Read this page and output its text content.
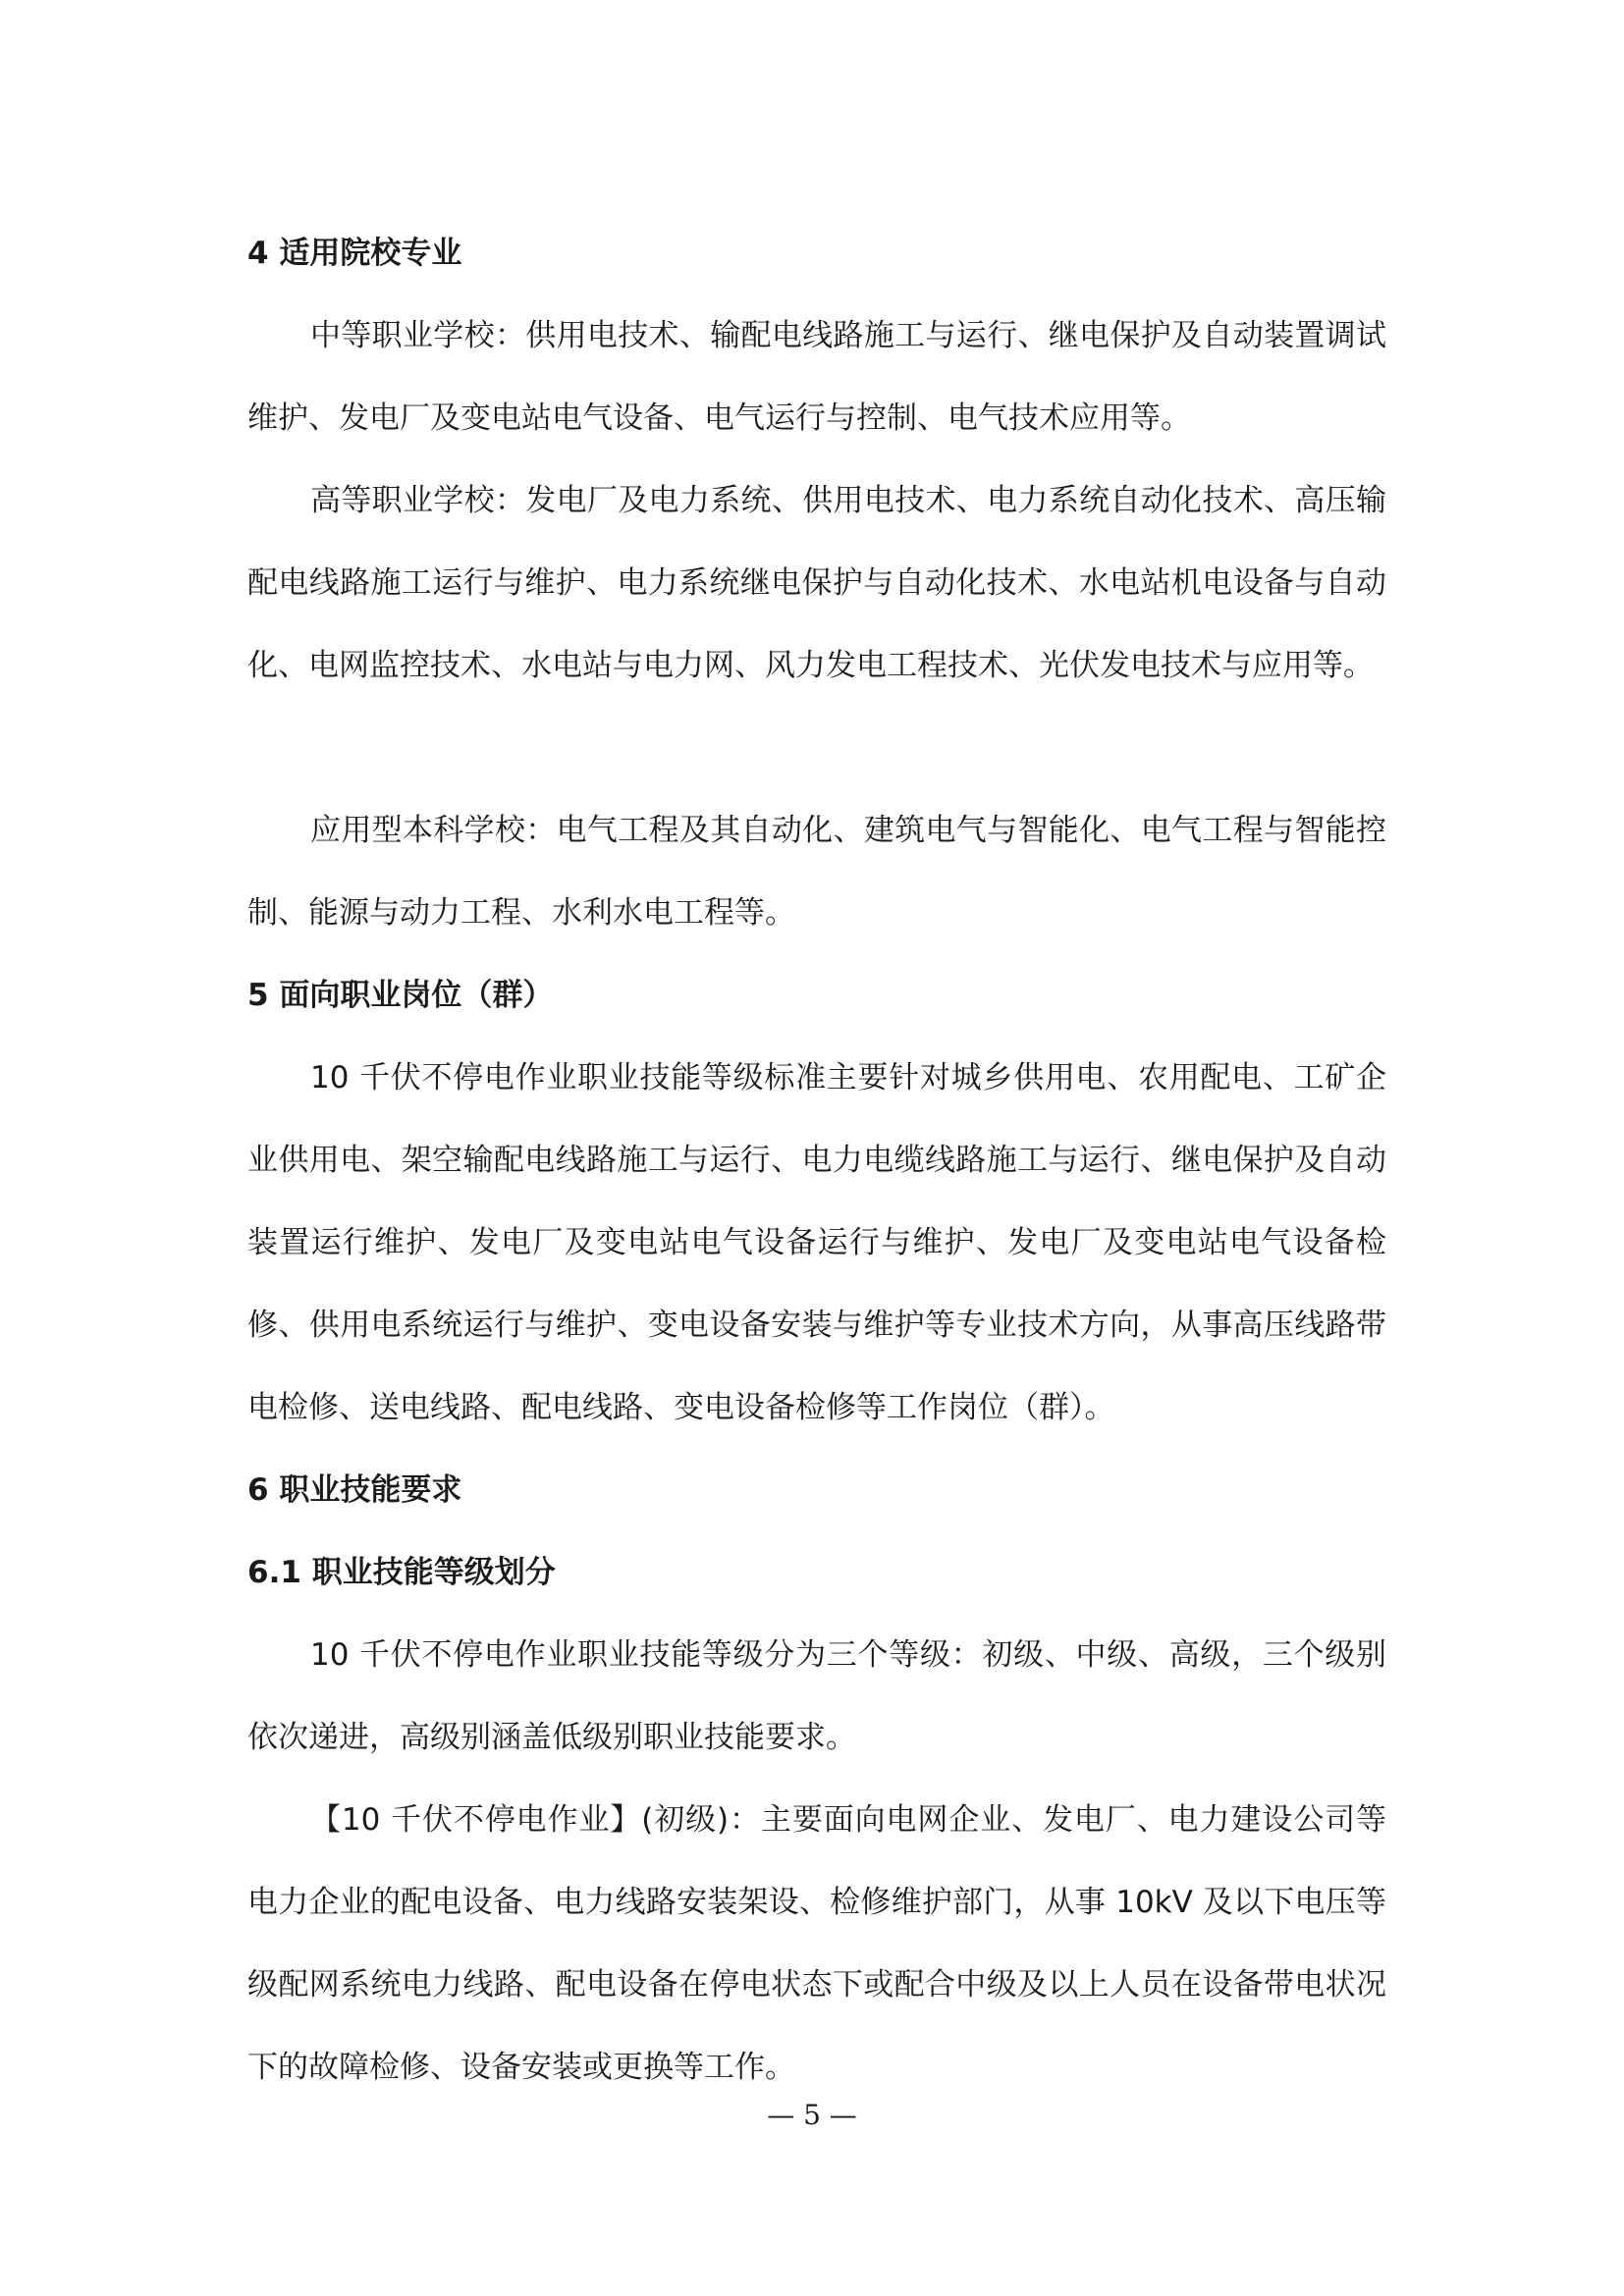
4 适用院校专业

中等职业学校：供用电技术、输配电线路施工与运行、继电保护及自动装置调试维护、发电厂及变电站电气设备、电气运行与控制、电气技术应用等。

高等职业学校：发电厂及电力系统、供用电技术、电力系统自动化技术、高压输配电线路施工运行与维护、电力系统继电保护与自动化技术、水电站机电设备与自动化、电网监控技术、水电站与电力网、风力发电工程技术、光伏发电技术与应用等。

应用型本科学校：电气工程及其自动化、建筑电气与智能化、电气工程与智能控制、能源与动力工程、水利水电工程等。

5 面向职业岗位（群）

10 千伏不停电作业职业技能等级标准主要针对城乡供用电、农用配电、工矿企业供用电、架空输配电线路施工与运行、电力电缆线路施工与运行、继电保护及自动装置运行维护、发电厂及变电站电气设备运行与维护、发电厂及变电站电气设备检修、供用电系统运行与维护、变电设备安装与维护等专业技术方向，从事高压线路带电检修、送电线路、配电线路、变电设备检修等工作岗位（群）。

6 职业技能要求
6.1 职业技能等级划分

10 千伏不停电作业职业技能等级分为三个等级：初级、中级、高级，三个级别依次递进，高级别涵盖低级别职业技能要求。

【10 千伏不停电作业】(初级)：主要面向电网企业、发电厂、电力建设公司等电力企业的配电设备、电力线路安装架设、检修维护部门，从事 10kV 及以下电压等级配网系统电力线路、配电设备在停电状态下或配合中级及以上人员在设备带电状况下的故障检修、设备安装或更换等工作。

— 5 —
